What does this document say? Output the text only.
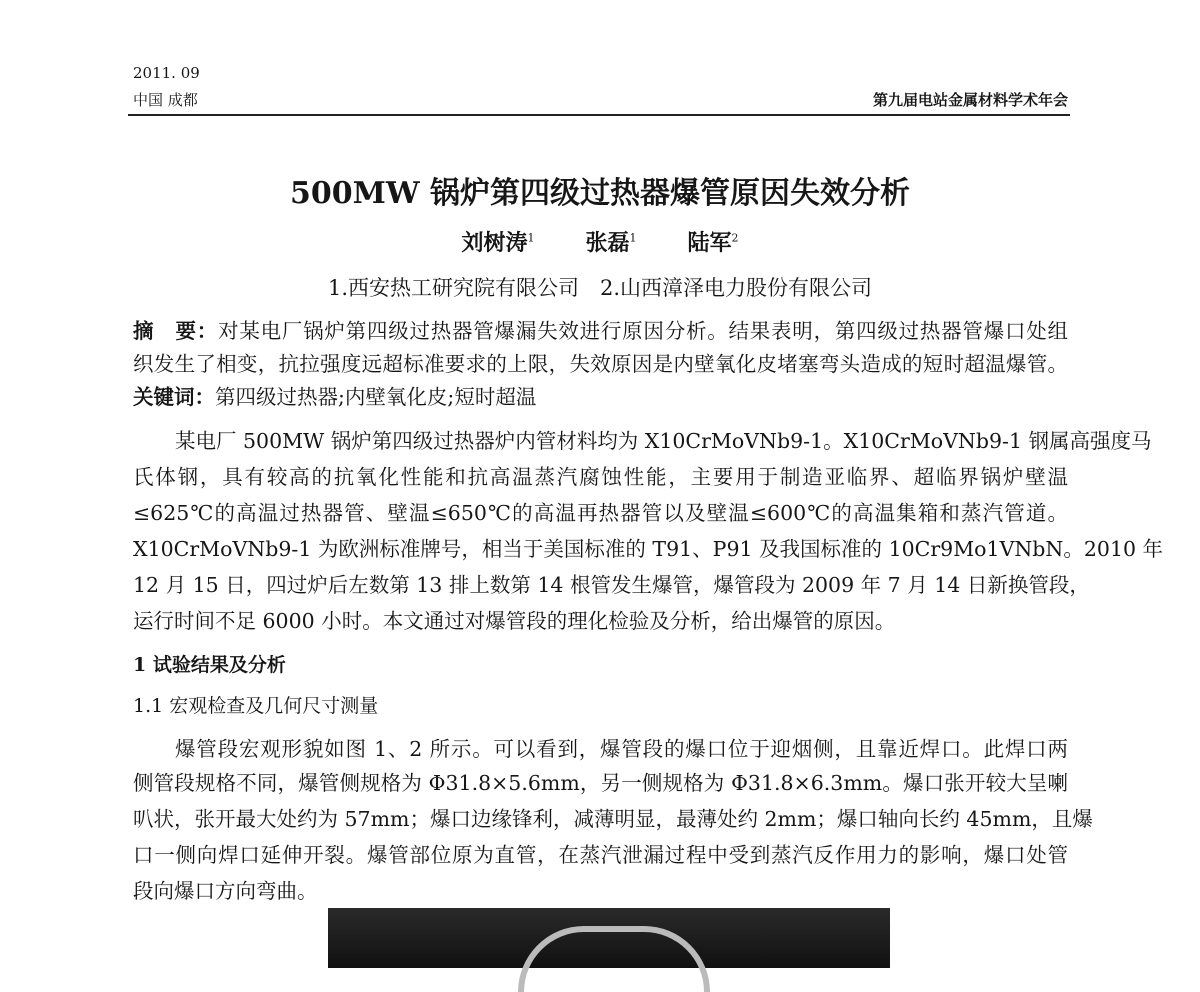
2011. 09
中国 成都	第九届电站金属材料学术年会
500MW 锅炉第四级过热器爆管原因失效分析
刘树涛$^1$ 张磊$^1$ 陆军$^2$
1.西安热工研究院有限公司　2.山西漳泽电力股份有限公司
摘　要：对某电厂锅炉第四级过热器管爆漏失效进行原因分析。结果表明，第四级过热器管爆口处组
织发生了相变，抗拉强度远超标准要求的上限，失效原因是内壁氧化皮堵塞弯头造成的短时超温爆管。
关键词：第四级过热器;内壁氧化皮;短时超温
某电厂 500MW 锅炉第四级过热器炉内管材料均为 X10CrMoVNb9-1。X10CrMoVNb9-1 钢属高强度马
氏体钢，具有较高的抗氧化性能和抗高温蒸汽腐蚀性能，主要用于制造亚临界、超临界锅炉壁温
≤625℃的高温过热器管、壁温≤650℃的高温再热器管以及壁温≤600℃的高温集箱和蒸汽管道。
X10CrMoVNb9-1 为欧洲标准牌号，相当于美国标准的 T91、P91 及我国标准的 10Cr9Mo1VNbN。2010 年
12 月 15 日，四过炉后左数第 13 排上数第 14 根管发生爆管，爆管段为 2009 年 7 月 14 日新换管段，
运行时间不足 6000 小时。本文通过对爆管段的理化检验及分析，给出爆管的原因。
1 试验结果及分析
1.1 宏观检查及几何尺寸测量
爆管段宏观形貌如图 1、2 所示。可以看到，爆管段的爆口位于迎烟侧，且靠近焊口。此焊口两
侧管段规格不同，爆管侧规格为 Φ31.8×5.6mm，另一侧规格为 Φ31.8×6.3mm。爆口张开较大呈喇
叭状，张开最大处约为 57mm；爆口边缘锋利，减薄明显，最薄处约 2mm；爆口轴向长约 45mm，且爆
口一侧向焊口延伸开裂。爆管部位原为直管，在蒸汽泄漏过程中受到蒸汽反作用力的影响，爆口处管
段向爆口方向弯曲。
